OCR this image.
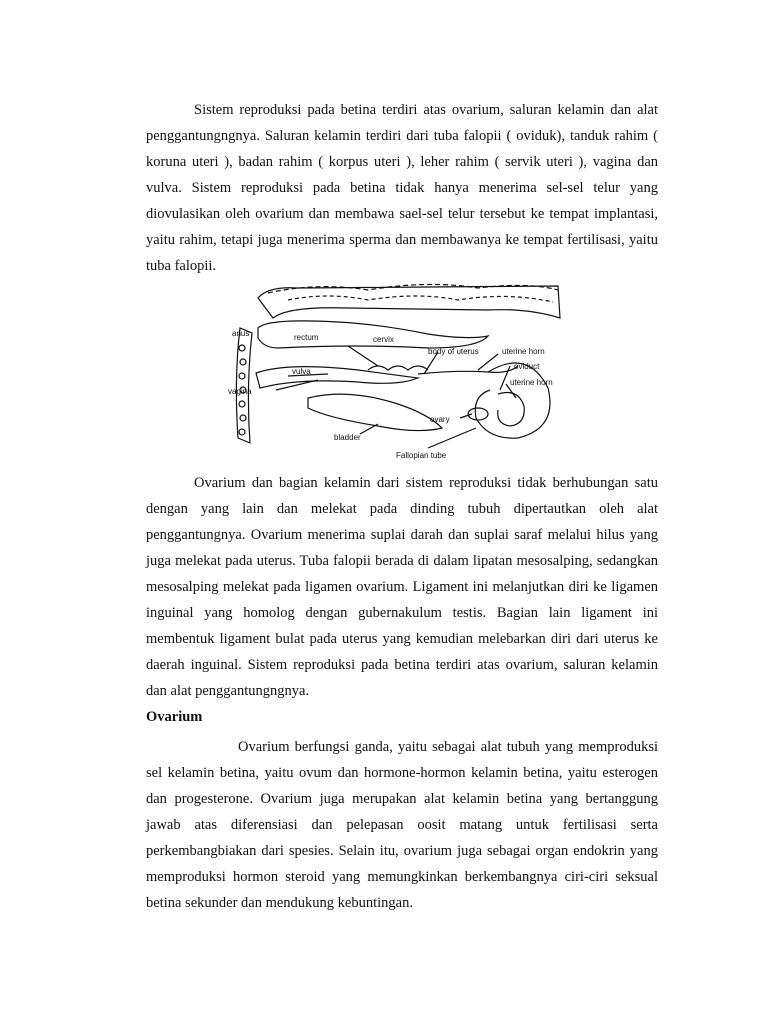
Sistem reproduksi pada betina terdiri atas ovarium, saluran kelamin dan alat penggantungngnya. Saluran kelamin terdiri dari tuba falopii ( oviduk), tanduk rahim ( koruna uteri ), badan rahim ( korpus uteri ), leher rahim ( servik uteri ), vagina dan vulva. Sistem reproduksi pada betina tidak hanya menerima sel-sel telur yang diovulasikan oleh ovarium dan membawa sael-sel telur tersebut ke tempat implantasi, yaitu rahim, tetapi juga menerima sperma dan membawanya ke tempat fertilisasi, yaitu tuba falopii.

anus	rectum	cervix
body of uterus	uterine horn
oviduct
uterine horn
vulva
vagina
ovary
bladder
Fallopian tube

Ovarium dan bagian kelamin dari sistem reproduksi tidak berhubungan satu dengan yang lain dan melekat pada dinding tubuh dipertautkan oleh alat penggantungnya. Ovarium menerima suplai darah dan suplai saraf melalui hilus yang juga melekat pada uterus. Tuba falopii berada di dalam lipatan mesosalping, sedangkan mesosalping melekat pada ligamen ovarium. Ligament ini melanjutkan diri ke ligamen inguinal yang homolog dengan gubernakulum testis. Bagian lain ligament ini membentuk ligament bulat pada uterus yang kemudian melebarkan diri dari uterus ke daerah inguinal. Sistem reproduksi pada betina terdiri atas ovarium, saluran kelamin dan alat penggantungngnya.

Ovarium

Ovarium berfungsi ganda, yaitu sebagai alat tubuh yang memproduksi sel kelamin betina, yaitu ovum dan hormone-hormon kelamin betina, yaitu esterogen dan progesterone. Ovarium juga merupakan alat kelamin betina yang bertanggung jawab atas diferensiasi dan pelepasan oosit matang untuk fertilisasi serta perkembangbiakan dari spesies. Selain itu, ovarium juga sebagai organ endokrin yang memproduksi hormon steroid yang memungkinkan berkembangnya ciri-ciri seksual betina sekunder dan mendukung kebuntingan.
